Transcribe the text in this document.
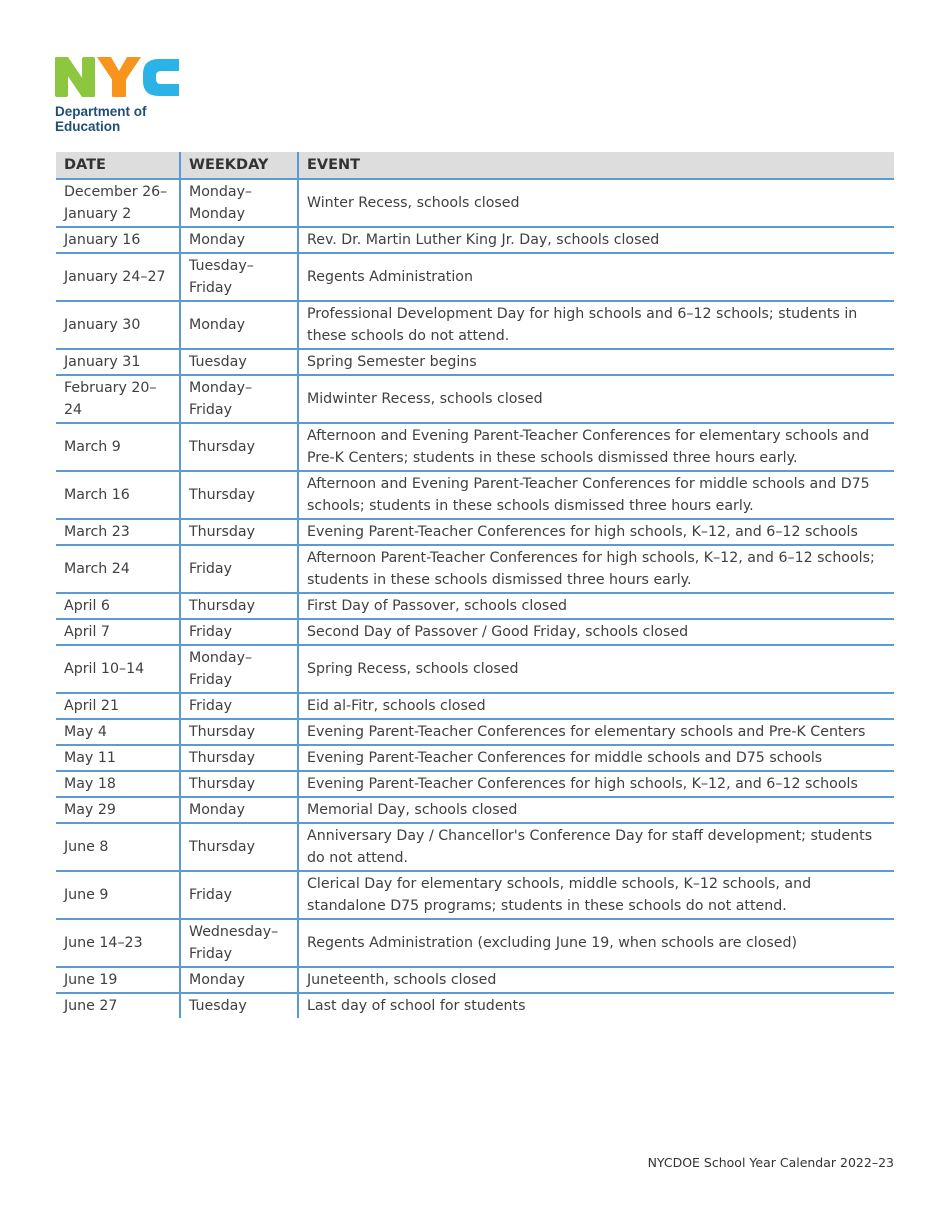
Department of
Education
DATE	WEEKDAY	EVENT
December 26–January 2	Monday–Monday	Winter Recess, schools closed
January 16	Monday	Rev. Dr. Martin Luther King Jr. Day, schools closed
January 24–27	Tuesday–Friday	Regents Administration
January 30	Monday	Professional Development Day for high schools and 6–12 schools; students in these schools do not attend.
January 31	Tuesday	Spring Semester begins
February 20–24	Monday–Friday	Midwinter Recess, schools closed
March 9	Thursday	Afternoon and Evening Parent-Teacher Conferences for elementary schools and Pre-K Centers; students in these schools dismissed three hours early.
March 16	Thursday	Afternoon and Evening Parent-Teacher Conferences for middle schools and D75 schools; students in these schools dismissed three hours early.
March 23	Thursday	Evening Parent-Teacher Conferences for high schools, K–12, and 6–12 schools
March 24	Friday	Afternoon Parent-Teacher Conferences for high schools, K–12, and 6–12 schools; students in these schools dismissed three hours early.
April 6	Thursday	First Day of Passover, schools closed
April 7	Friday	Second Day of Passover / Good Friday, schools closed
April 10–14	Monday–Friday	Spring Recess, schools closed
April 21	Friday	Eid al-Fitr, schools closed
May 4	Thursday	Evening Parent-Teacher Conferences for elementary schools and Pre-K Centers
May 11	Thursday	Evening Parent-Teacher Conferences for middle schools and D75 schools
May 18	Thursday	Evening Parent-Teacher Conferences for high schools, K–12, and 6–12 schools
May 29	Monday	Memorial Day, schools closed
June 8	Thursday	Anniversary Day / Chancellor's Conference Day for staff development; students do not attend.
June 9	Friday	Clerical Day for elementary schools, middle schools, K–12 schools, and standalone D75 programs; students in these schools do not attend.
June 14–23	Wednesday–Friday	Regents Administration (excluding June 19, when schools are closed)
June 19	Monday	Juneteenth, schools closed
June 27	Tuesday	Last day of school for students
NYCDOE School Year Calendar 2022–23
